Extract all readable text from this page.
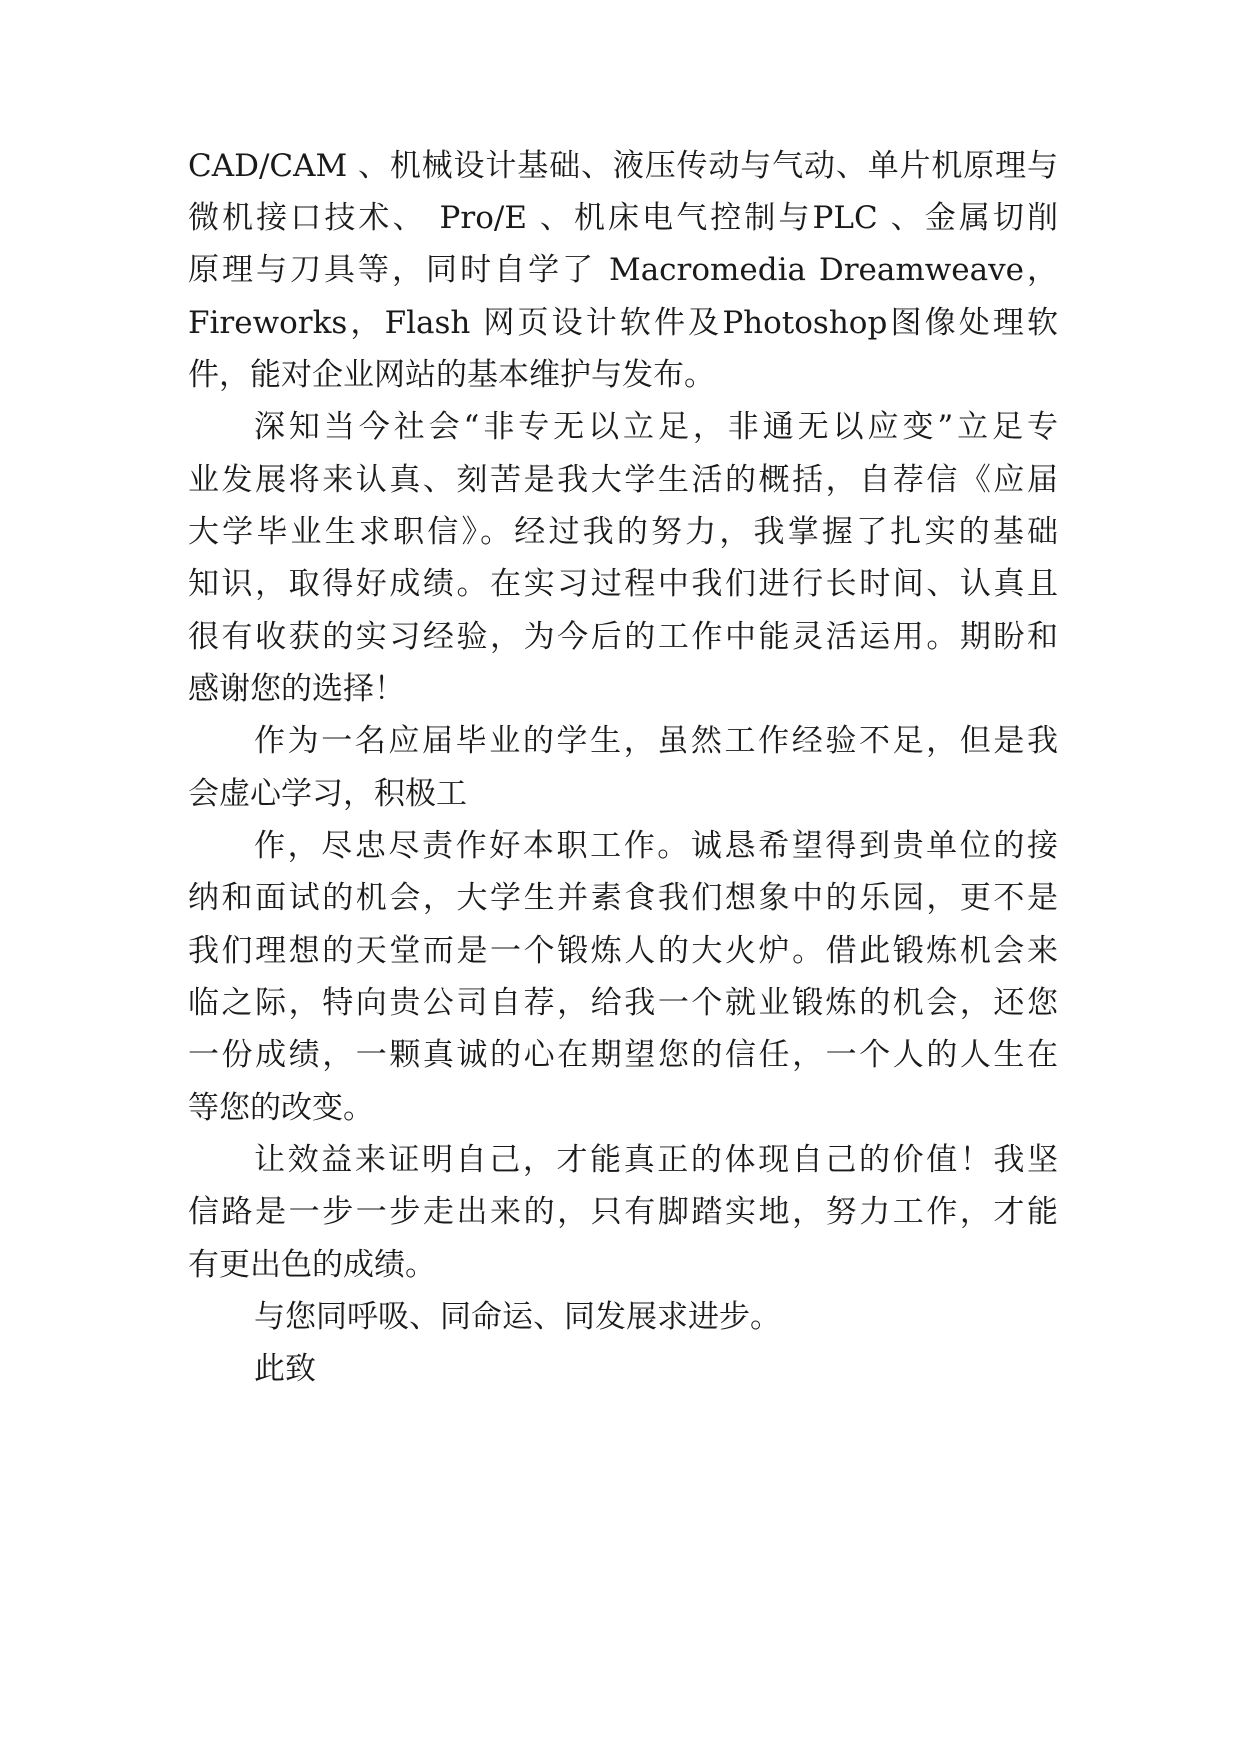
CAD/CAM 、机械设计基础、液压传动与气动、单片机原理与
微机接口技术、 Pro/E 、机床电气控制与PLC 、金属切削
原理与刀具等，同时自学了 Macromedia Dreamweave，
Fireworks，Flash 网页设计软件及Photoshop图像处理软
件，能对企业网站的基本维护与发布。
深知当今社会“非专无以立足，非通无以应变”立足专
业发展将来认真、刻苦是我大学生活的概括，自荐信《应届
大学毕业生求职信》。经过我的努力，我掌握了扎实的基础
知识，取得好成绩。在实习过程中我们进行长时间、认真且
很有收获的实习经验，为今后的工作中能灵活运用。期盼和
感谢您的选择！
作为一名应届毕业的学生，虽然工作经验不足，但是我
会虚心学习，积极工
作，尽忠尽责作好本职工作。诚恳希望得到贵单位的接
纳和面试的机会，大学生并素食我们想象中的乐园，更不是
我们理想的天堂而是一个锻炼人的大火炉。借此锻炼机会来
临之际，特向贵公司自荐，给我一个就业锻炼的机会，还您
一份成绩，一颗真诚的心在期望您的信任，一个人的人生在
等您的改变。
让效益来证明自己，才能真正的体现自己的价值！我坚
信路是一步一步走出来的，只有脚踏实地，努力工作，才能
有更出色的成绩。
与您同呼吸、同命运、同发展求进步。
此致
